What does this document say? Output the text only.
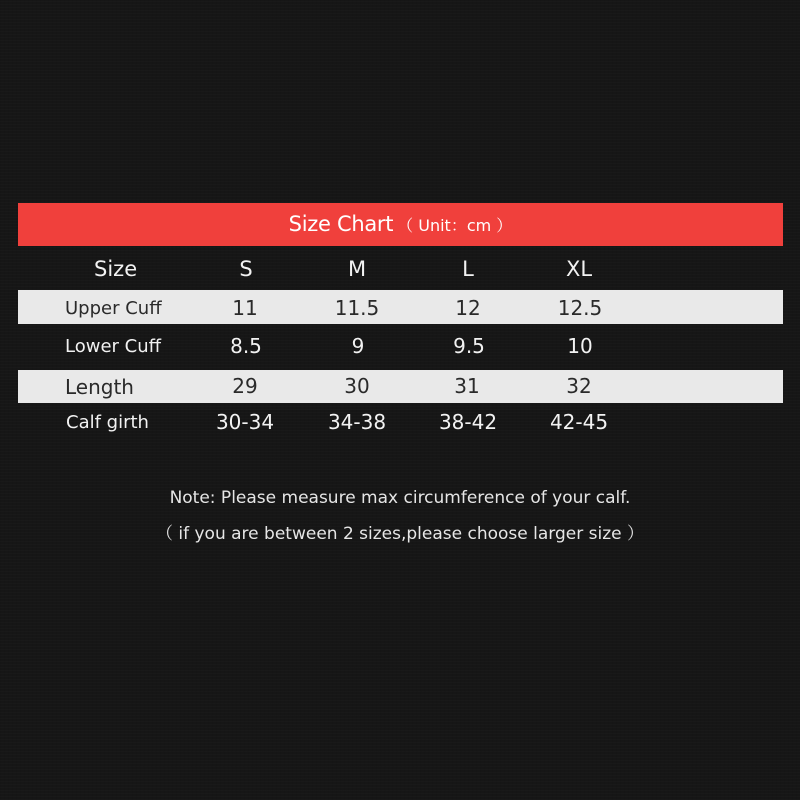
Size Chart （ Unit：cm ）
Size	S	M	L	XL
Upper Cuff	11	11.5	12	12.5
Lower Cuff	8.5	9	9.5	10
Length	29	30	31	32
Calf girth	30-34	34-38	38-42	42-45
Note: Please measure max circumference of your calf.
（ if you are between 2 sizes,please choose larger size ）
